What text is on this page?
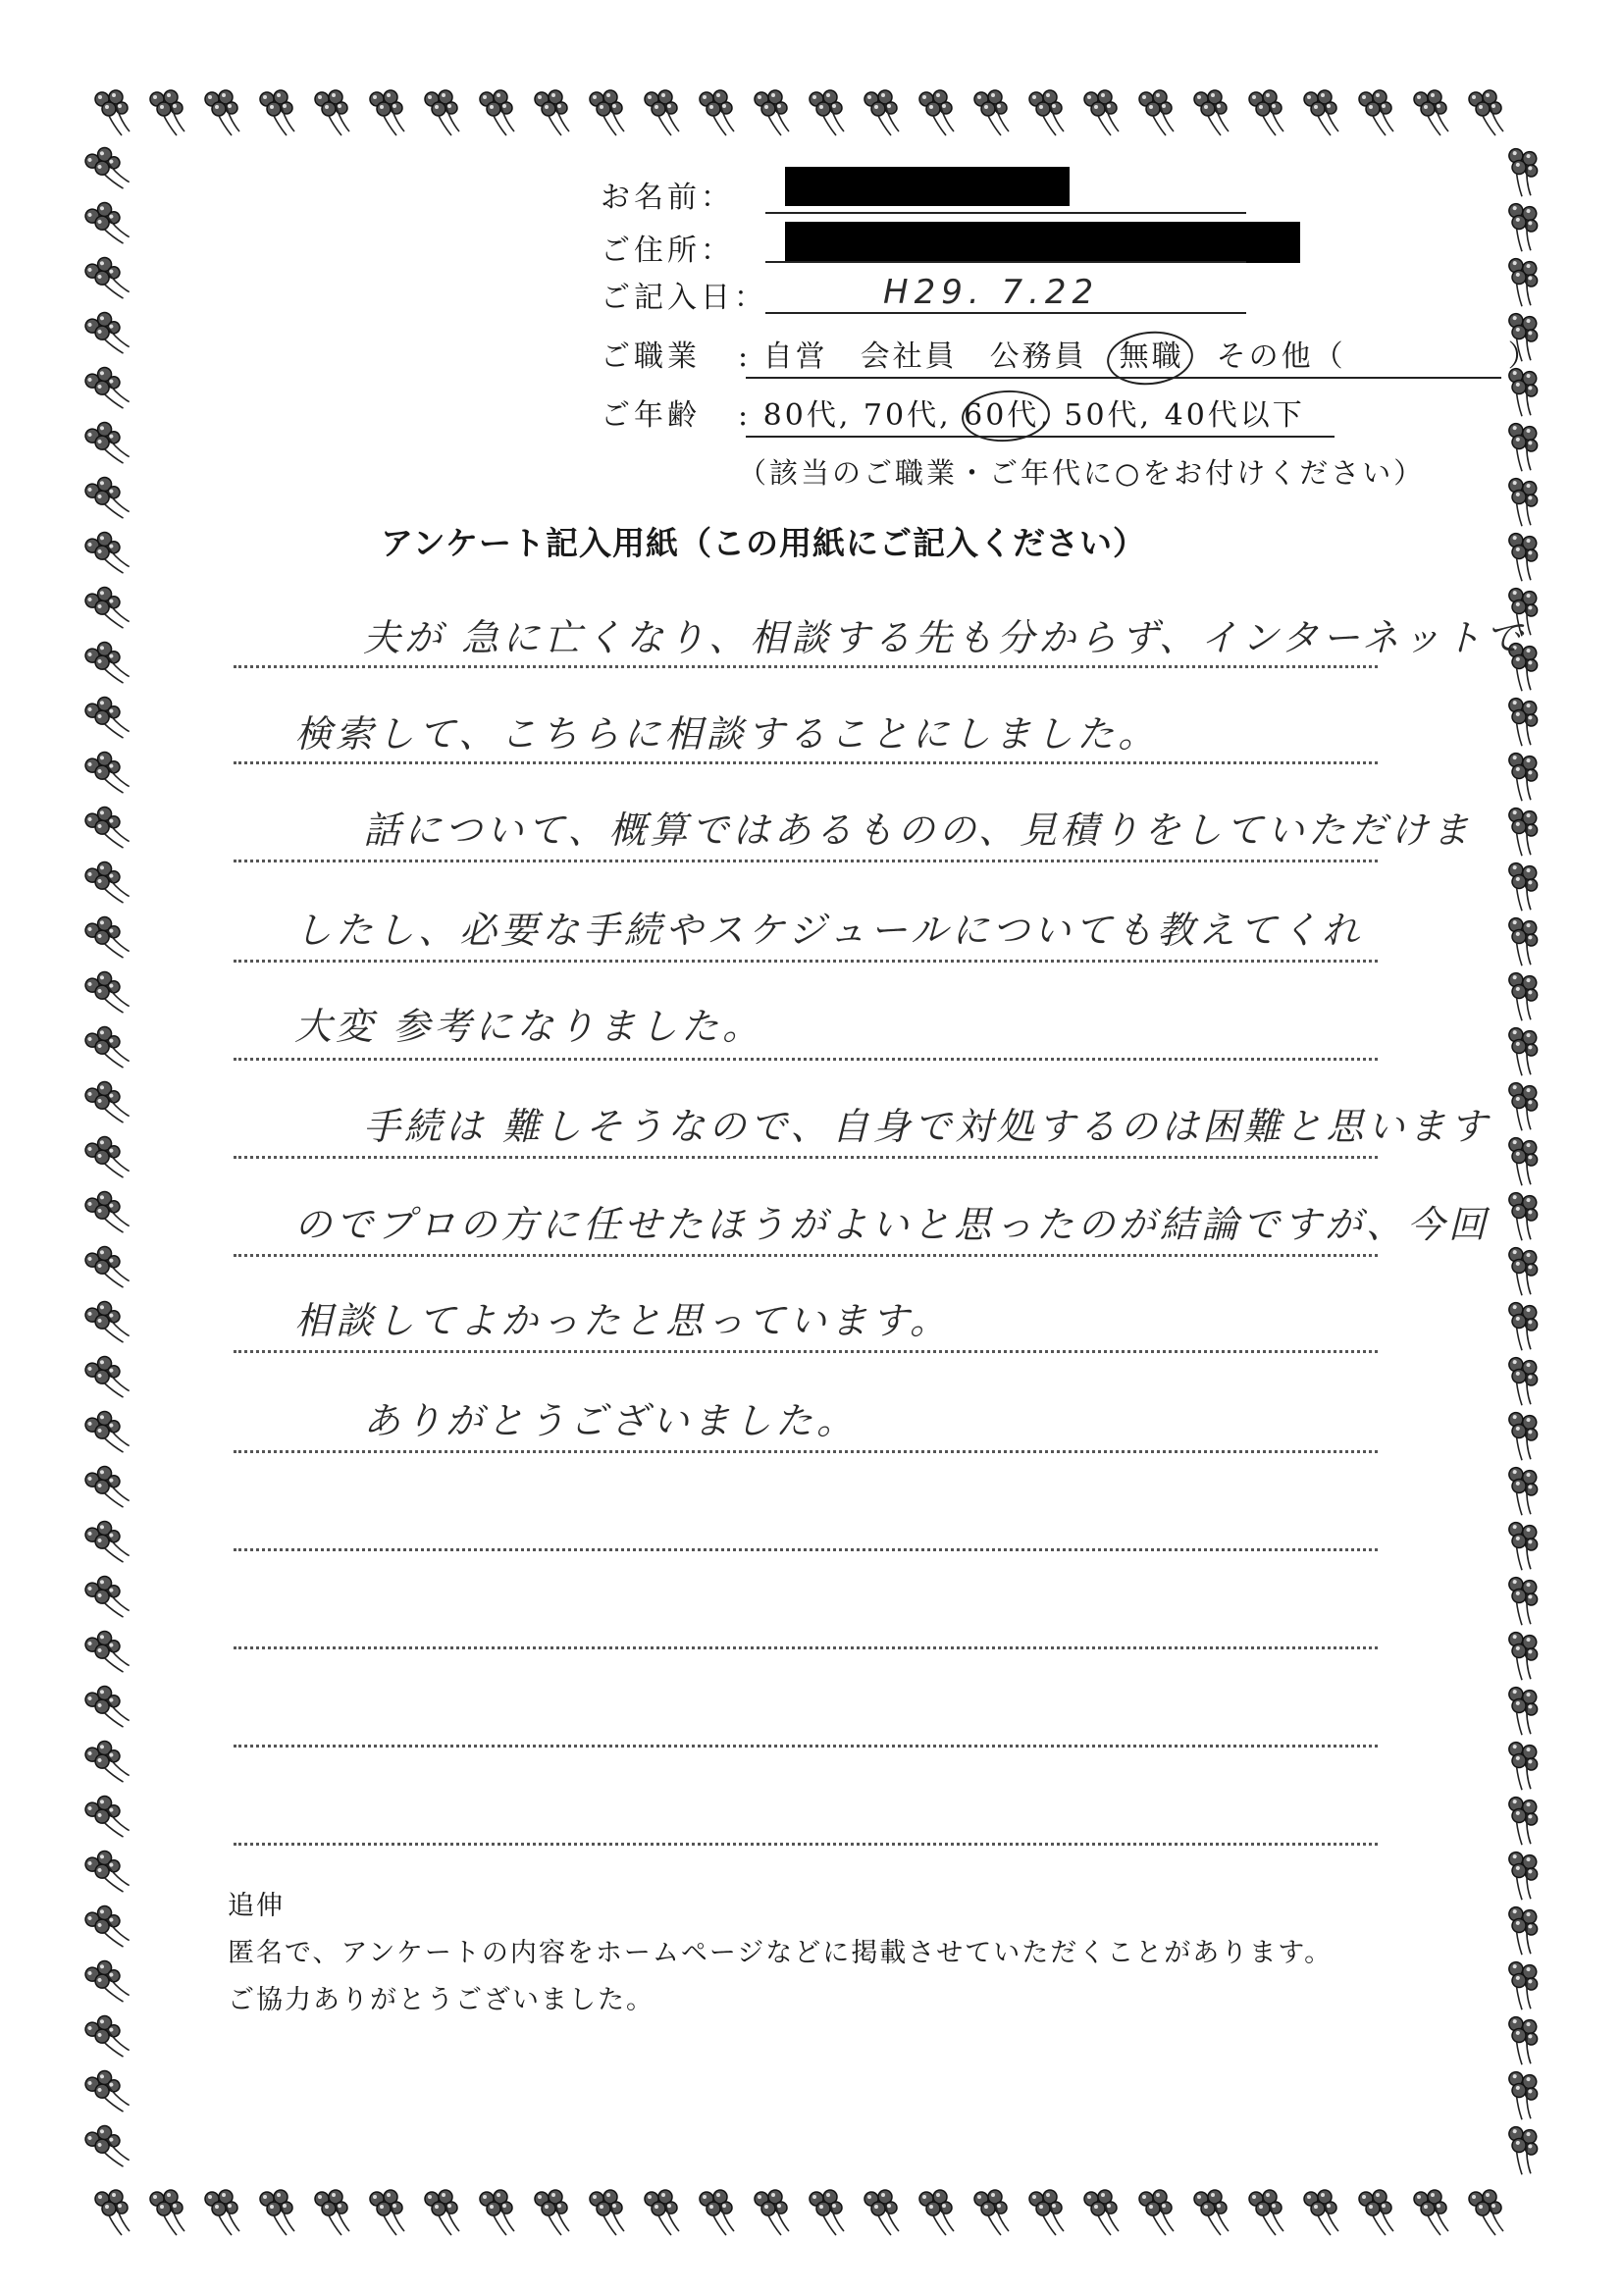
お名前：
ご住所：
ご記入日：	H29. 7.22
ご職業 : 自営　会社員　公務員　無職　その他（　　　　　）
ご年齢 : 80代, 70代, 60代, 50代, 40代以下
（該当のご職業・ご年代に○をお付けください）
アンケート記入用紙（この用紙にご記入ください）
夫が 急に亡くなり、相談する先も分からず、インターネットで
検索して、こちらに相談することにしました。
話について、概算ではあるものの、見積りをしていただけま
したし、必要な手続やスケジュールについても教えてくれ
大変 参考になりました。
手続は 難しそうなので、自身で対処するのは困難と思います
のでプロの方に任せたほうがよいと思ったのが結論ですが、今回
相談してよかったと思っています。
ありがとうございました。
追伸
匿名で、アンケートの内容をホームページなどに掲載させていただくことがあります。
ご協力ありがとうございました。
